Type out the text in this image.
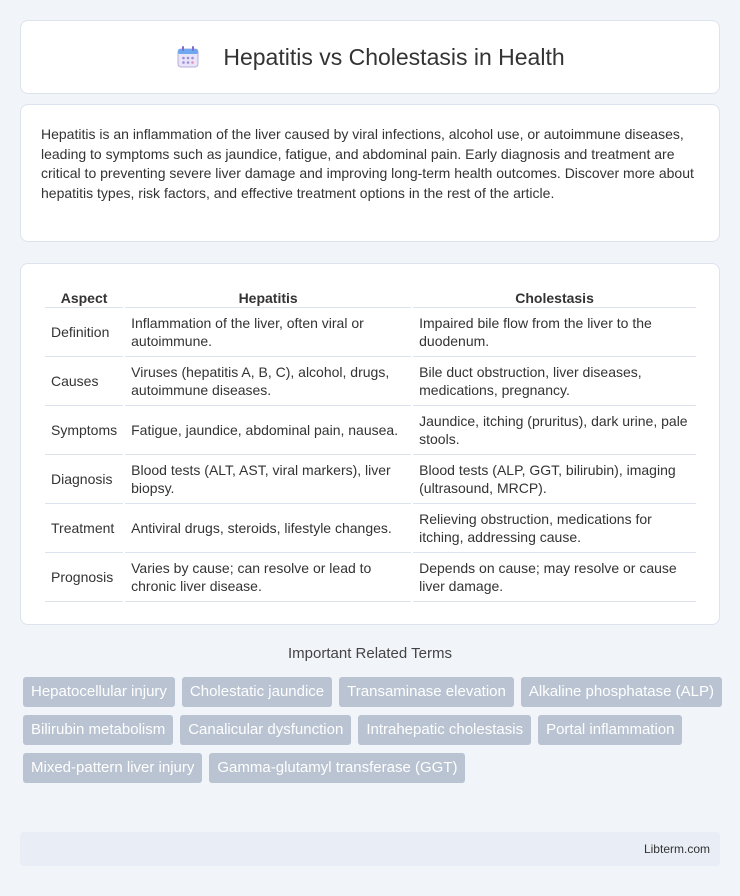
Hepatitis vs Cholestasis in Health

Hepatitis is an inflammation of the liver caused by viral infections, alcohol use, or autoimmune diseases, leading to symptoms such as jaundice, fatigue, and abdominal pain. Early diagnosis and treatment are critical to preventing severe liver damage and improving long-term health outcomes. Discover more about hepatitis types, risk factors, and effective treatment options in the rest of the article.

Aspect	Hepatitis	Cholestasis
Definition	Inflammation of the liver, often viral or autoimmune.	Impaired bile flow from the liver to the duodenum.
Causes	Viruses (hepatitis A, B, C), alcohol, drugs, autoimmune diseases.	Bile duct obstruction, liver diseases, medications, pregnancy.
Symptoms	Fatigue, jaundice, abdominal pain, nausea.	Jaundice, itching (pruritus), dark urine, pale stools.
Diagnosis	Blood tests (ALT, AST, viral markers), liver biopsy.	Blood tests (ALP, GGT, bilirubin), imaging (ultrasound, MRCP).
Treatment	Antiviral drugs, steroids, lifestyle changes.	Relieving obstruction, medications for itching, addressing cause.
Prognosis	Varies by cause; can resolve or lead to chronic liver disease.	Depends on cause; may resolve or cause liver damage.
Important Related Terms
Hepatocellular injury	Cholestatic jaundice	Transaminase elevation	Alkaline phosphatase (ALP)
Bilirubin metabolism	Canalicular dysfunction	Intrahepatic cholestasis	Portal inflammation
Mixed-pattern liver injury	Gamma-glutamyl transferase (GGT)
Libterm.com
